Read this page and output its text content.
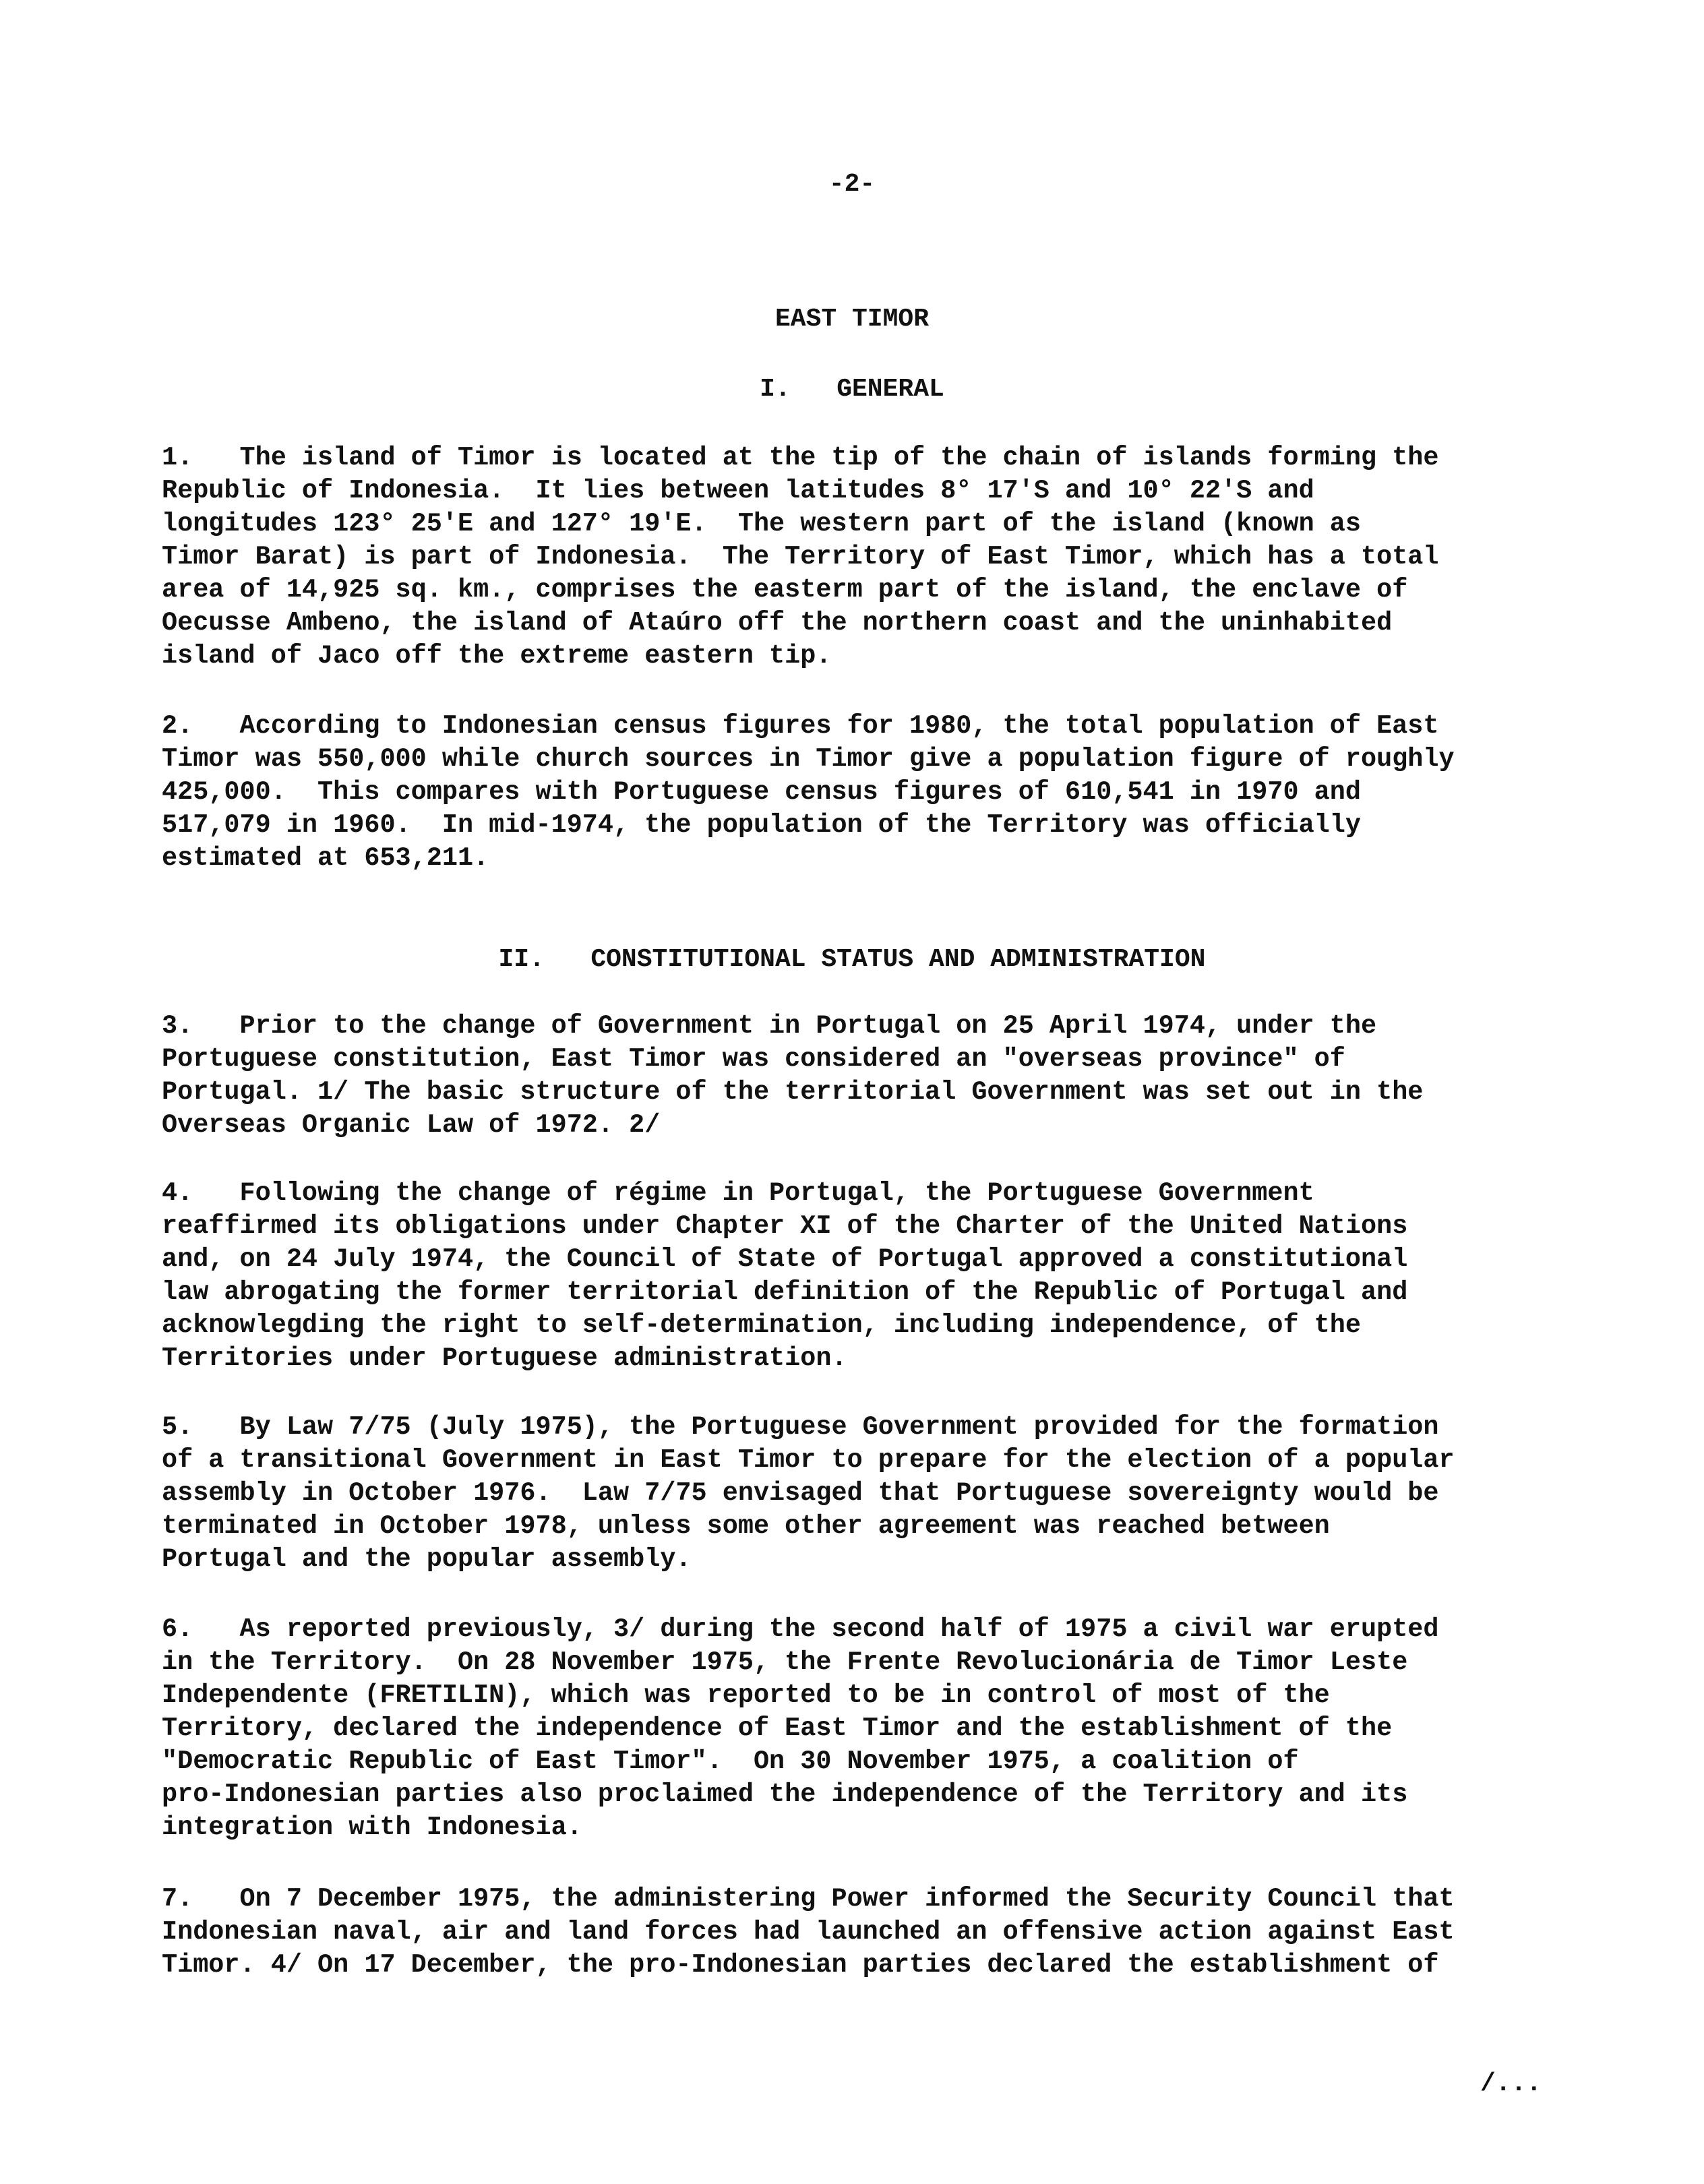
-2-
EAST TIMOR
I.   GENERAL
1.   The island of Timor is located at the tip of the chain of islands forming the
Republic of Indonesia.  It lies between latitudes 8° 17'S and 10° 22'S and
longitudes 123° 25'E and 127° 19'E.  The western part of the island (known as
Timor Barat) is part of Indonesia.  The Territory of East Timor, which has a total
area of 14,925 sq. km., comprises the easterm part of the island, the enclave of
Oecusse Ambeno, the island of Ataúro off the northern coast and the uninhabited
island of Jaco off the extreme eastern tip.
2.   According to Indonesian census figures for 1980, the total population of East
Timor was 550,000 while church sources in Timor give a population figure of roughly
425,000.  This compares with Portuguese census figures of 610,541 in 1970 and
517,079 in 1960.  In mid-1974, the population of the Territory was officially
estimated at 653,211.
II.   CONSTITUTIONAL STATUS AND ADMINISTRATION
3.   Prior to the change of Government in Portugal on 25 April 1974, under the
Portuguese constitution, East Timor was considered an "overseas province" of
Portugal. 1/ The basic structure of the territorial Government was set out in the
Overseas Organic Law of 1972. 2/
4.   Following the change of régime in Portugal, the Portuguese Government
reaffirmed its obligations under Chapter XI of the Charter of the United Nations
and, on 24 July 1974, the Council of State of Portugal approved a constitutional
law abrogating the former territorial definition of the Republic of Portugal and
acknowlegding the right to self-determination, including independence, of the
Territories under Portuguese administration.
5.   By Law 7/75 (July 1975), the Portuguese Government provided for the formation
of a transitional Government in East Timor to prepare for the election of a popular
assembly in October 1976.  Law 7/75 envisaged that Portuguese sovereignty would be
terminated in October 1978, unless some other agreement was reached between
Portugal and the popular assembly.
6.   As reported previously, 3/ during the second half of 1975 a civil war erupted
in the Territory.  On 28 November 1975, the Frente Revolucionária de Timor Leste
Independente (FRETILIN), which was reported to be in control of most of the
Territory, declared the independence of East Timor and the establishment of the
"Democratic Republic of East Timor".  On 30 November 1975, a coalition of
pro-Indonesian parties also proclaimed the independence of the Territory and its
integration with Indonesia.
7.   On 7 December 1975, the administering Power informed the Security Council that
Indonesian naval, air and land forces had launched an offensive action against East
Timor. 4/ On 17 December, the pro-Indonesian parties declared the establishment of
/...
